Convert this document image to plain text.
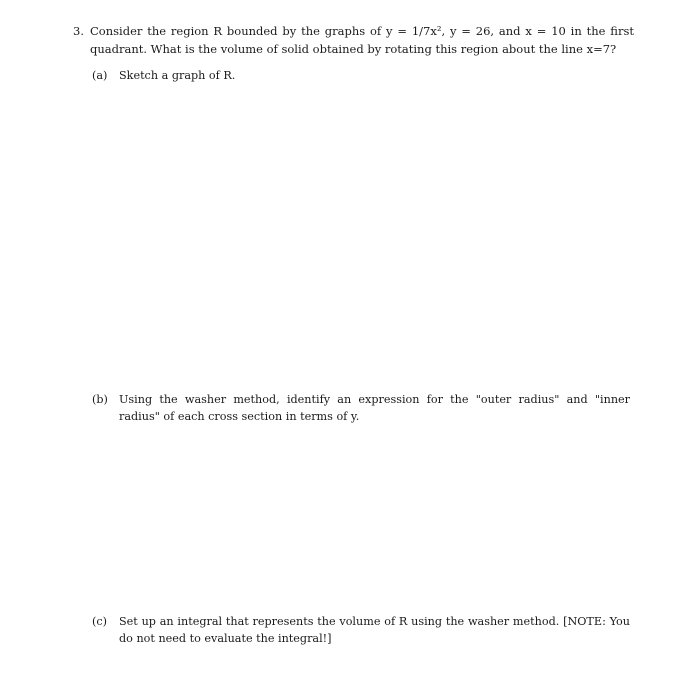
3. Consider the region R bounded by the graphs of y = 1/7x², y = 26, and x = 10 in the first quadrant. What is the volume of solid obtained by rotating this region about the line x=7?
(a) Sketch a graph of R.
(b) Using the washer method, identify an expression for the "outer radius" and "inner radius" of each cross section in terms of y.
(c) Set up an integral that represents the volume of R using the washer method. [NOTE: You do not need to evaluate the integral!]
